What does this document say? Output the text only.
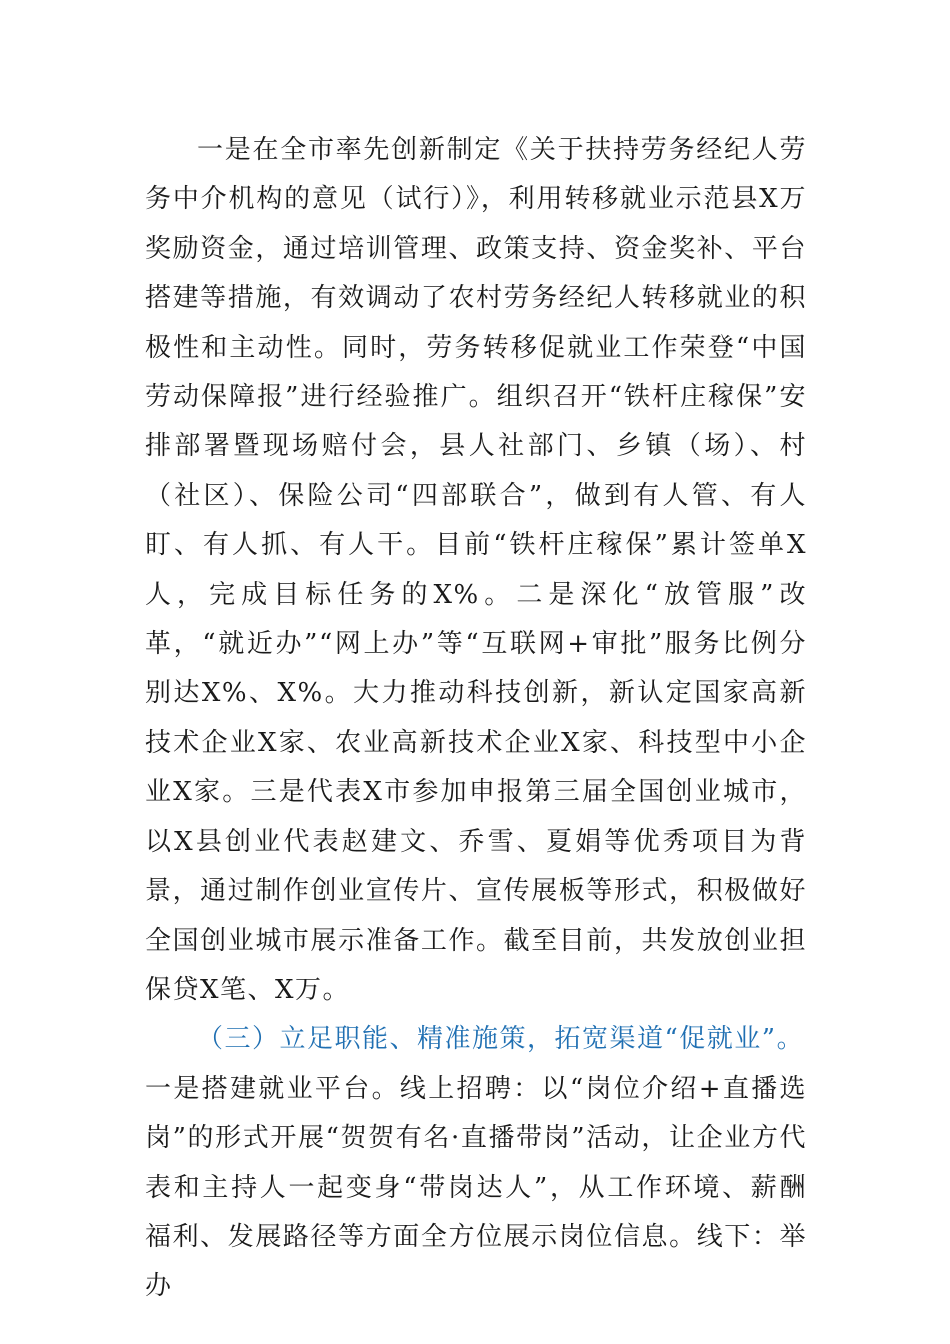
一是在全市率先创新制定《关于扶持劳务经纪人劳务中介机构的意见（试行）》，利用转移就业示范县X万奖励资金，通过培训管理、政策支持、资金奖补、平台搭建等措施，有效调动了农村劳务经纪人转移就业的积极性和主动性。同时，劳务转移促就业工作荣登“中国劳动保障报”进行经验推广。组织召开“铁杆庄稼保”安排部署暨现场赔付会，县人社部门、乡镇（场）、村（社区）、保险公司“四部联合”，做到有人管、有人盯、有人抓、有人干。目前“铁杆庄稼保”累计签单X人，完成目标任务的X%。二是深化“放管服”改革，“就近办”“网上办”等“互联网+审批”服务比例分别达X%、X%。大力推动科技创新，新认定国家高新技术企业X家、农业高新技术企业X家、科技型中小企业X家。三是代表X市参加申报第三届全国创业城市，以X县创业代表赵建文、乔雪、夏娟等优秀项目为背景，通过制作创业宣传片、宣传展板等形式，积极做好全国创业城市展示准备工作。截至目前，共发放创业担保贷X笔、X万。

（三）立足职能、精准施策，拓宽渠道“促就业”。

一是搭建就业平台。线上招聘：以“岗位介绍+直播选岗”的形式开展“贺贺有名·直播带岗”活动，让企业方代表和主持人一起变身“带岗达人”，从工作环境、薪酬福利、发展路径等方面全方位展示岗位信息。线下：举办
